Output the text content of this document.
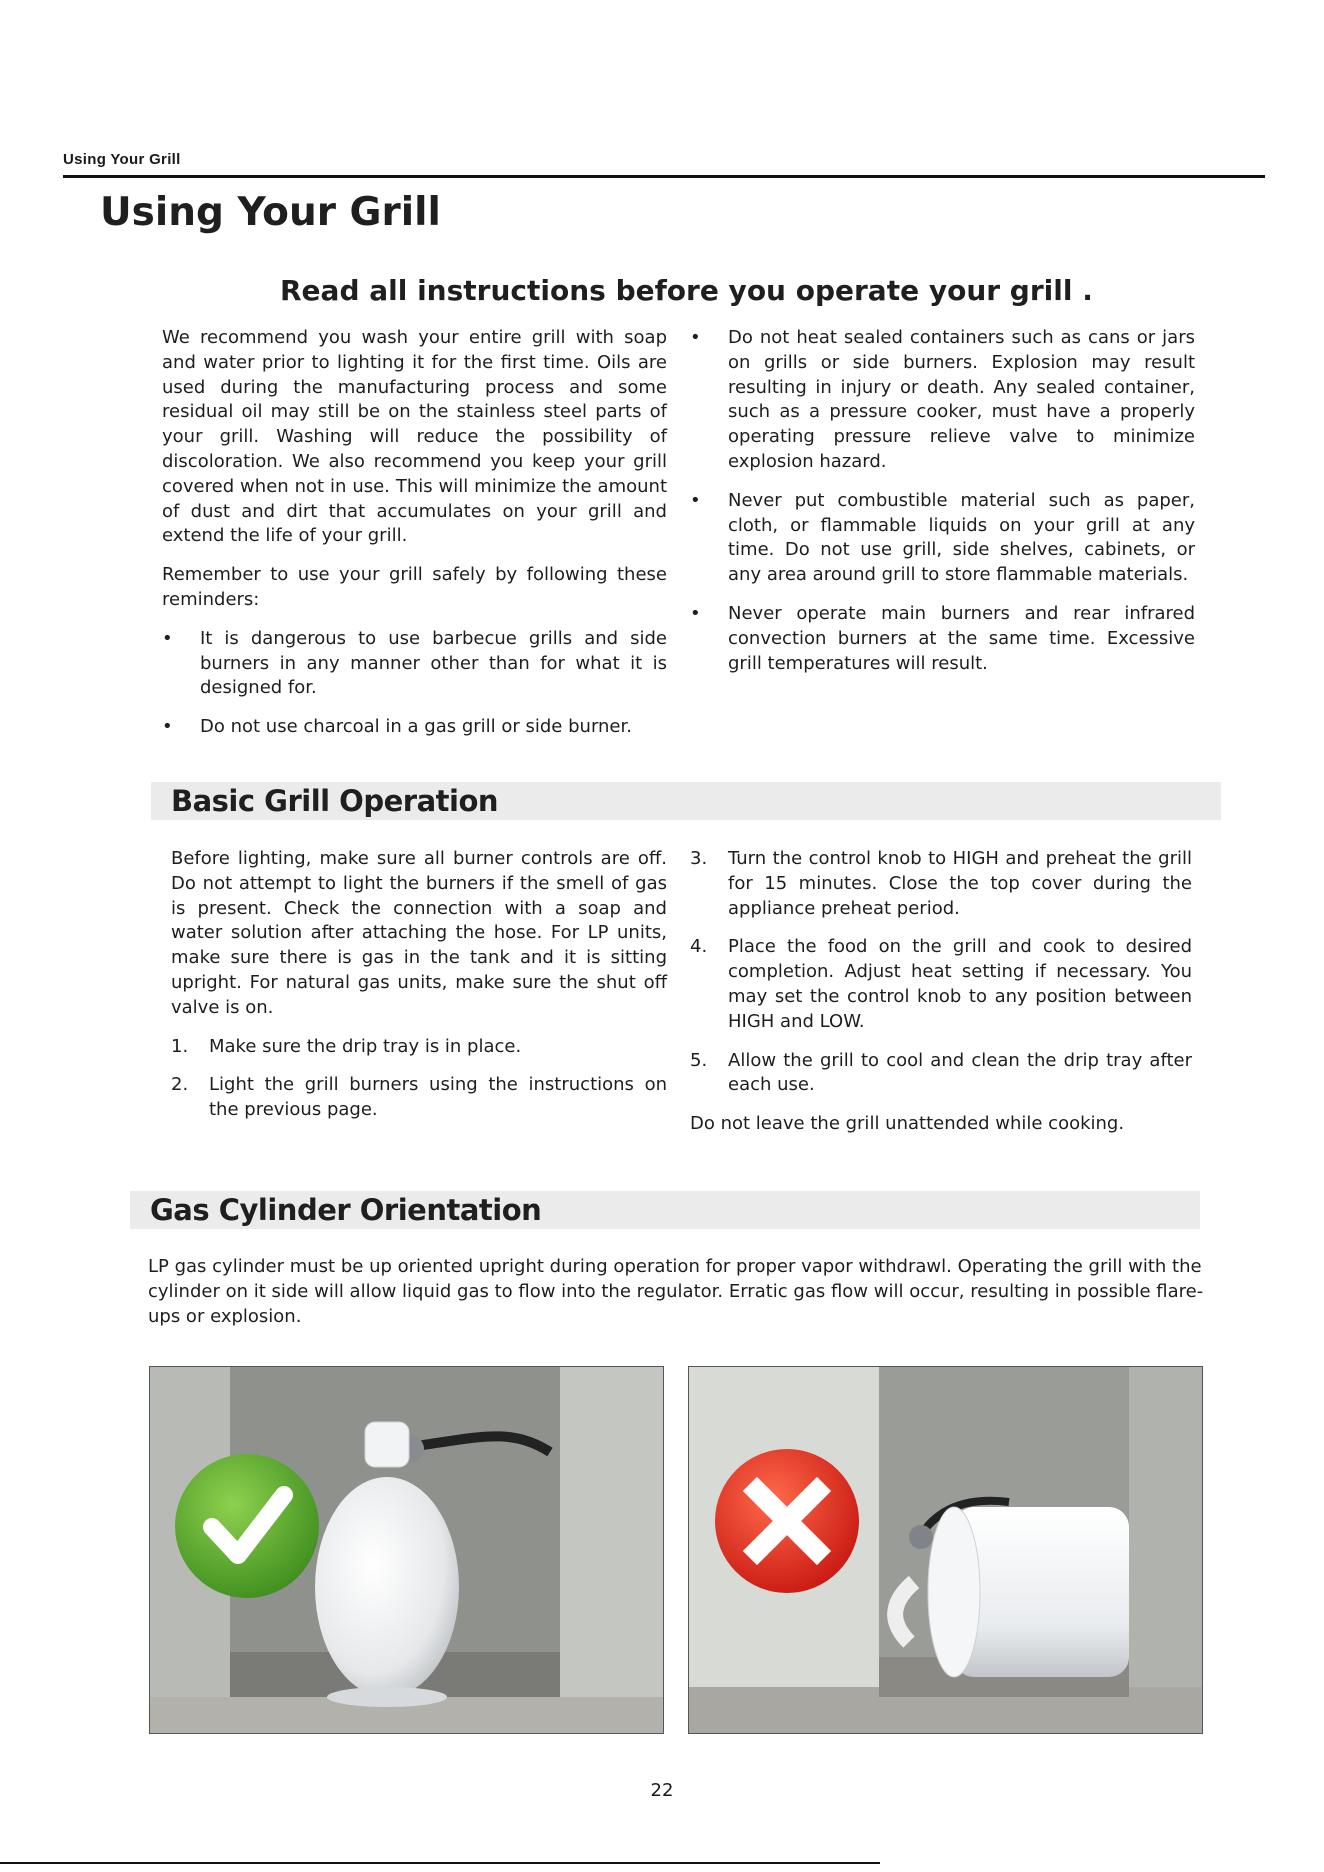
Using Your Grill
Using Your Grill
Read all instructions before you operate your grill .

We recommend you wash your entire grill with soap and water prior to lighting it for the first time. Oils are used during the manufacturing process and some residual oil may still be on the stainless steel parts of your grill. Washing will reduce the possibility of discoloration. We also recommend you keep your grill covered when not in use. This will minimize the amount of dust and dirt that accumulates on your grill and extend the life of your grill.

Remember to use your grill safely by following these reminders:

• It is dangerous to use barbecue grills and side burners in any manner other than for what it is designed for.
• Do not use charcoal in a gas grill or side burner.
• Do not heat sealed containers such as cans or jars on grills or side burners. Explosion may result resulting in injury or death. Any sealed container, such as a pressure cooker, must have a properly operating pressure relieve valve to minimize explosion hazard.
• Never put combustible material such as paper, cloth, or flammable liquids on your grill at any time. Do not use grill, side shelves, cabinets, or any area around grill to store flammable materials.
• Never operate main burners and rear infrared convection burners at the same time. Excessive grill temperatures will result.
Basic Grill Operation

Before lighting, make sure all burner controls are off. Do not attempt to light the burners if the smell of gas is present. Check the connection with a soap and water solution after attaching the hose. For LP units, make sure there is gas in the tank and it is sitting upright. For natural gas units, make sure the shut off valve is on.

1. Make sure the drip tray is in place.
2. Light the grill burners using the instructions on the previous page.
3. Turn the control knob to HIGH and preheat the grill for 15 minutes. Close the top cover during the appliance preheat period.
4. Place the food on the grill and cook to desired completion. Adjust heat setting if necessary. You may set the control knob to any position between HIGH and LOW.
5. Allow the grill to cool and clean the drip tray after each use.

Do not leave the grill unattended while cooking.

Gas Cylinder Orientation

LP gas cylinder must be up oriented upright during operation for proper vapor withdrawl. Operating the grill with the cylinder on it side will allow liquid gas to flow into the regulator. Erratic gas flow will occur, resulting in possible flare-ups or explosion.

22
